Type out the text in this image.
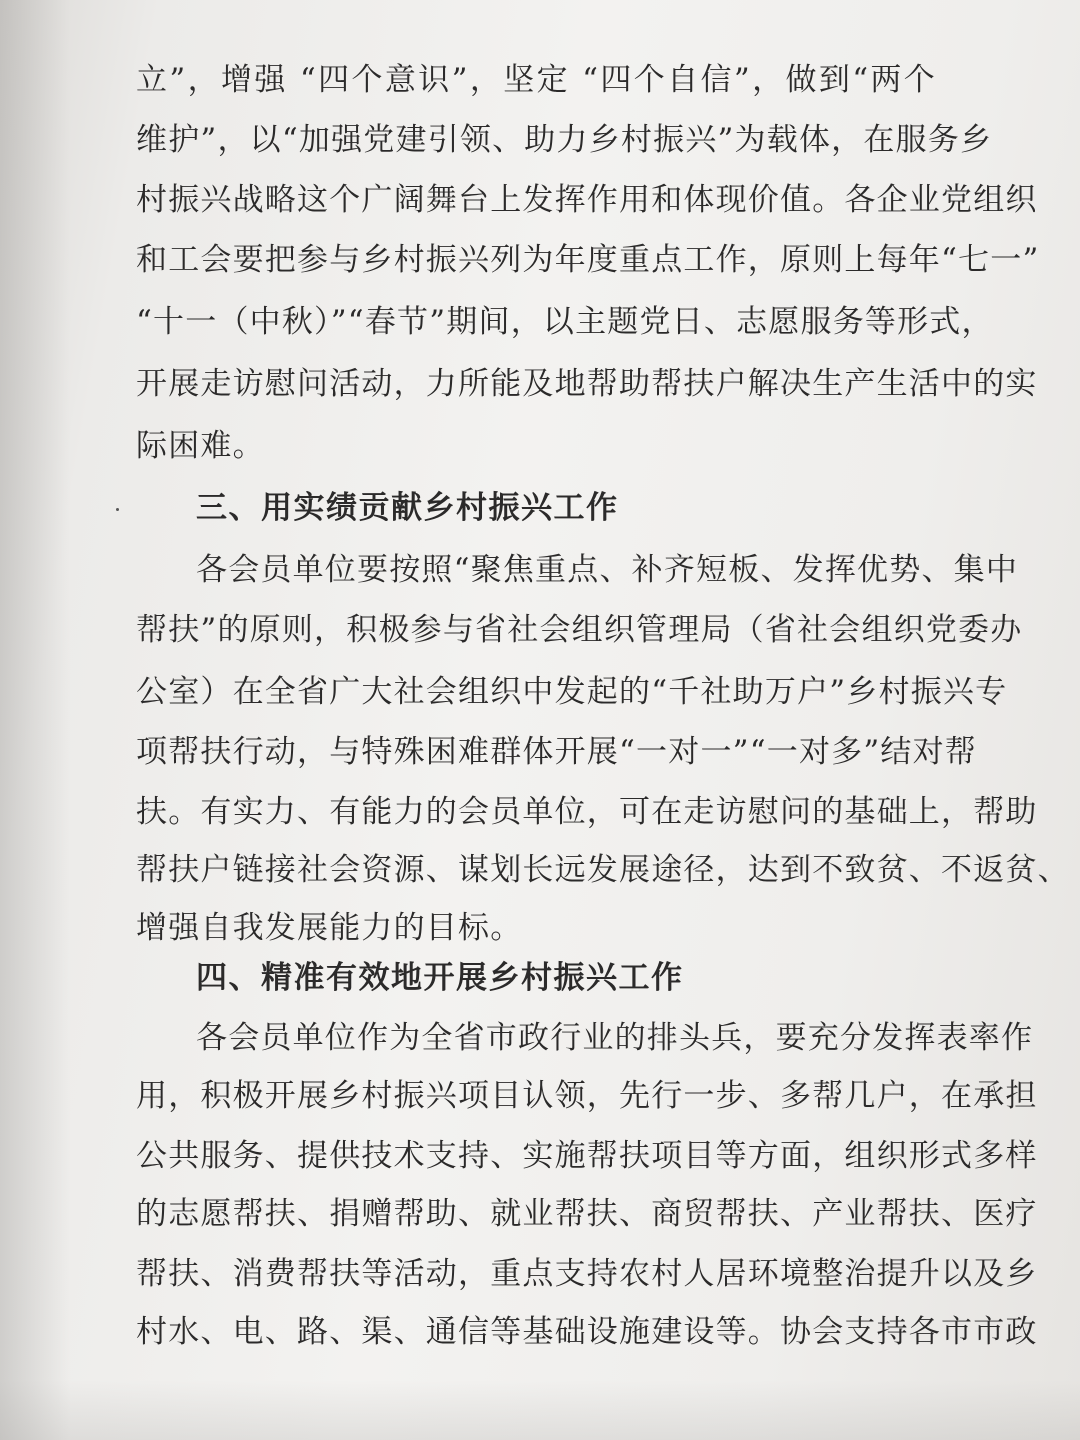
立”，增强 “四个意识”，坚定 “四个自信”，做到“两个
维护”，以“加强党建引领、助力乡村振兴”为载体，在服务乡
村振兴战略这个广阔舞台上发挥作用和体现价值。各企业党组织
和工会要把参与乡村振兴列为年度重点工作，原则上每年“七一”
“十一（中秋）”“春节”期间，以主题党日、志愿服务等形式，
开展走访慰问活动，力所能及地帮助帮扶户解决生产生活中的实
际困难。
三、用实绩贡献乡村振兴工作
各会员单位要按照“聚焦重点、补齐短板、发挥优势、集中
帮扶”的原则，积极参与省社会组织管理局（省社会组织党委办
公室）在全省广大社会组织中发起的“千社助万户”乡村振兴专
项帮扶行动，与特殊困难群体开展“一对一”“一对多”结对帮
扶。有实力、有能力的会员单位，可在走访慰问的基础上，帮助
帮扶户链接社会资源、谋划长远发展途径，达到不致贫、不返贫、
增强自我发展能力的目标。
四、精准有效地开展乡村振兴工作
各会员单位作为全省市政行业的排头兵，要充分发挥表率作
用，积极开展乡村振兴项目认领，先行一步、多帮几户，在承担
公共服务、提供技术支持、实施帮扶项目等方面，组织形式多样
的志愿帮扶、捐赠帮助、就业帮扶、商贸帮扶、产业帮扶、医疗
帮扶、消费帮扶等活动，重点支持农村人居环境整治提升以及乡
村水、电、路、渠、通信等基础设施建设等。协会支持各市市政
